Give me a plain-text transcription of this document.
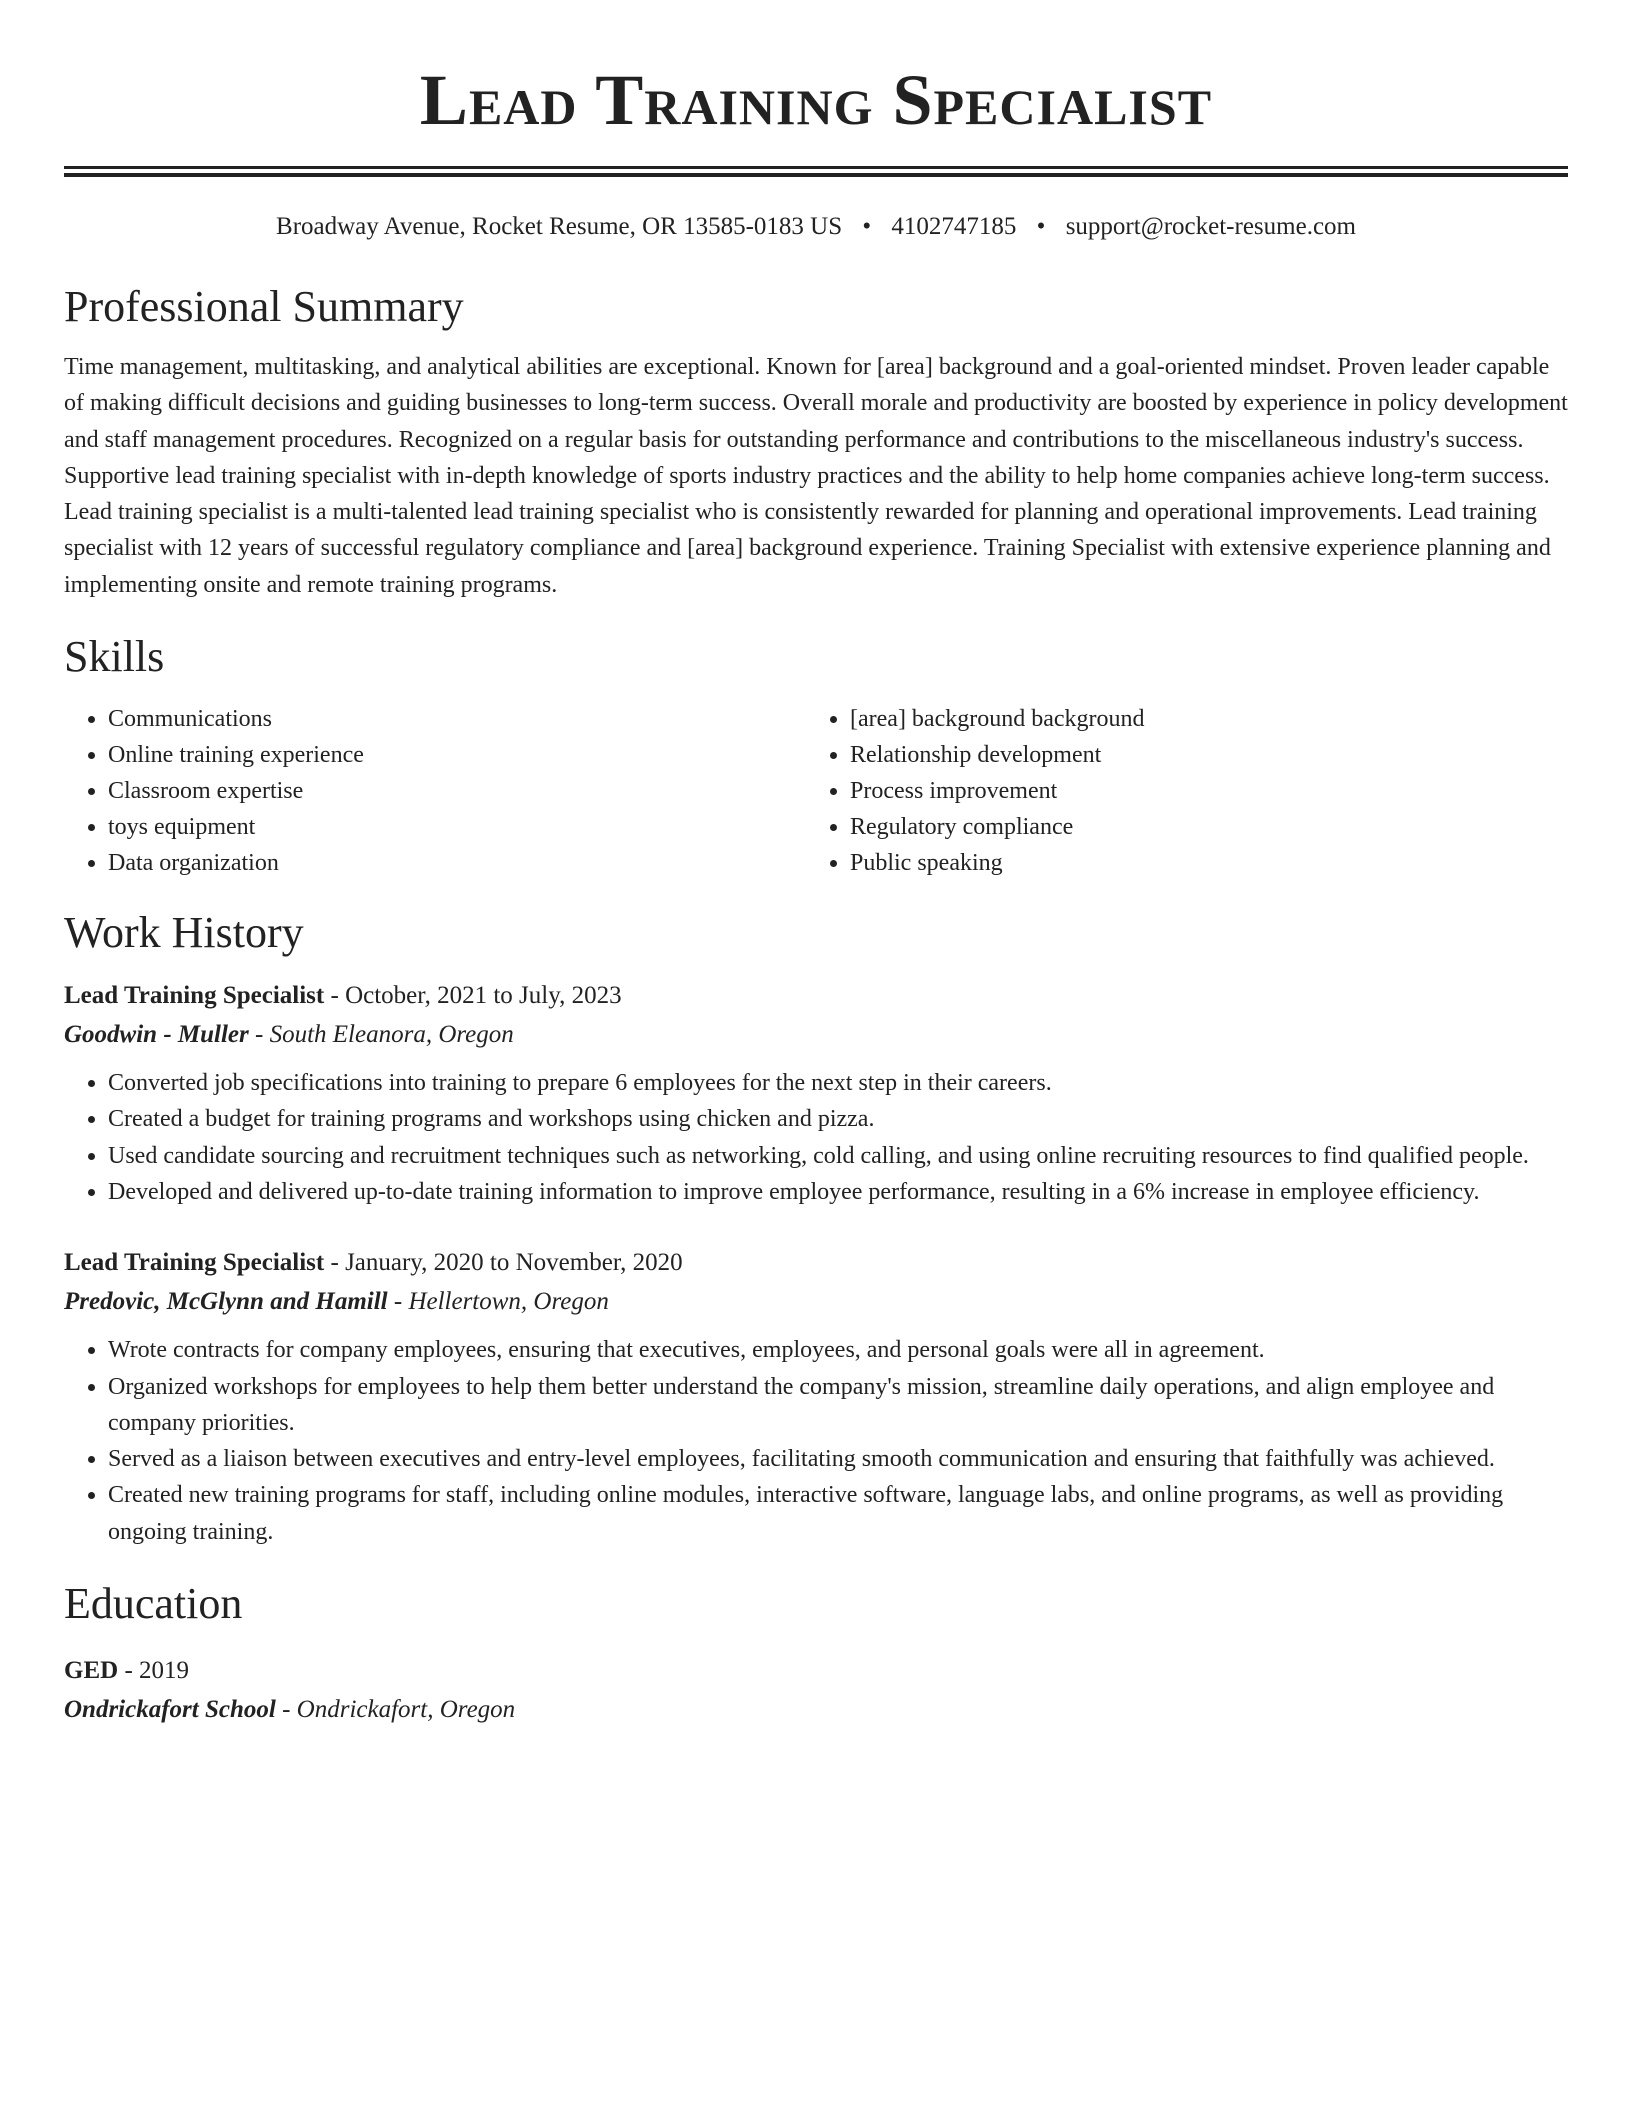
Lead Training Specialist
Broadway Avenue, Rocket Resume, OR 13585-0183 US • 4102747185 • support@rocket-resume.com
Professional Summary

Time management, multitasking, and analytical abilities are exceptional. Known for [area] background and a goal-oriented mindset. Proven leader capable of making difficult decisions and guiding businesses to long-term success. Overall morale and productivity are boosted by experience in policy development and staff management procedures. Recognized on a regular basis for outstanding performance and contributions to the miscellaneous industry's success. Supportive lead training specialist with in-depth knowledge of sports industry practices and the ability to help home companies achieve long-term success. Lead training specialist is a multi-talented lead training specialist who is consistently rewarded for planning and operational improvements. Lead training specialist with 12 years of successful regulatory compliance and [area] background experience. Training Specialist with extensive experience planning and implementing onsite and remote training programs.

Skills
• Communications
• Online training experience
• Classroom expertise
• toys equipment
• Data organization
• [area] background background
• Relationship development
• Process improvement
• Regulatory compliance
• Public speaking
Work History
Lead Training Specialist - October, 2021 to July, 2023
Goodwin - Muller - South Eleanora, Oregon
• Converted job specifications into training to prepare 6 employees for the next step in their careers.
• Created a budget for training programs and workshops using chicken and pizza.
• Used candidate sourcing and recruitment techniques such as networking, cold calling, and using online recruiting resources to find qualified people.
• Developed and delivered up-to-date training information to improve employee performance, resulting in a 6% increase in employee efficiency.
Lead Training Specialist - January, 2020 to November, 2020
Predovic, McGlynn and Hamill - Hellertown, Oregon
• Wrote contracts for company employees, ensuring that executives, employees, and personal goals were all in agreement.
• Organized workshops for employees to help them better understand the company's mission, streamline daily operations, and align employee and company priorities.
• Served as a liaison between executives and entry-level employees, facilitating smooth communication and ensuring that faithfully was achieved.
• Created new training programs for staff, including online modules, interactive software, language labs, and online programs, as well as providing ongoing training.
Education
GED - 2019
Ondrickafort School - Ondrickafort, Oregon
